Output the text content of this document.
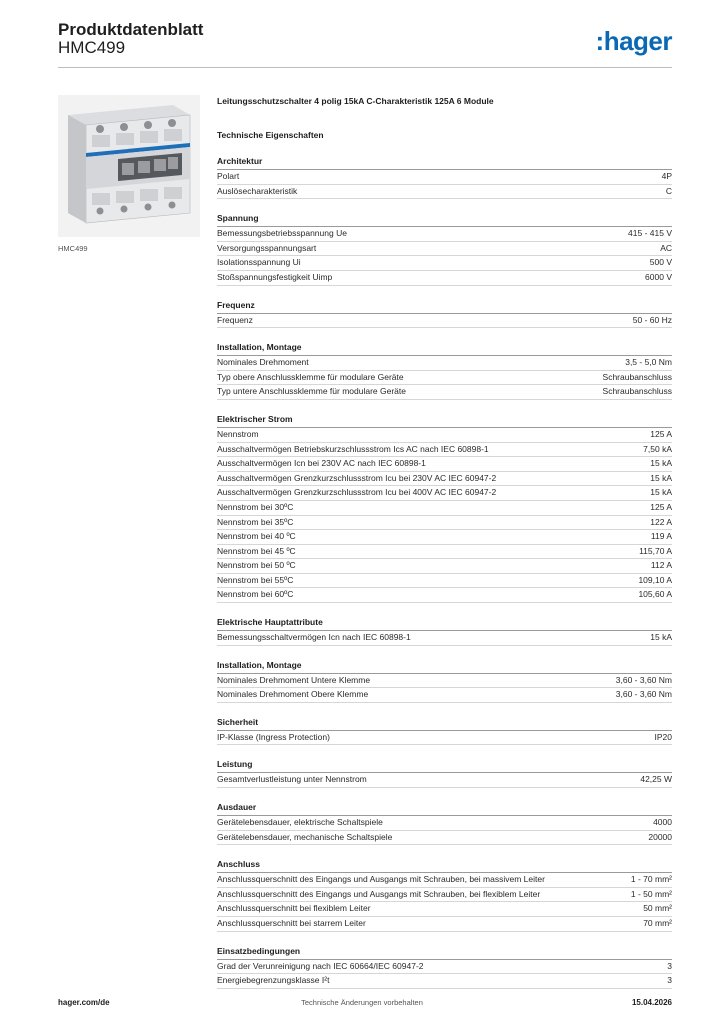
Produktdatenblatt
HMC499	:hager
HMC499
Leitungsschutzschalter 4 polig 15kA C-Charakteristik 125A 6 Module
Technische Eigenschaften
Architektur
Polart	4P
Auslösecharakteristik	C
Spannung
Bemessungsbetriebsspannung Ue	415 - 415 V
Versorgungsspannungsart	AC
Isolationsspannung Ui	500 V
Stoßspannungsfestigkeit Uimp	6000 V
Frequenz
Frequenz	50 - 60 Hz
Installation, Montage
Nominales Drehmoment	3,5 - 5,0 Nm
Typ obere Anschlussklemme für modulare Geräte	Schraubanschluss
Typ untere Anschlussklemme für modulare Geräte	Schraubanschluss
Elektrischer Strom
Nennstrom	125 A
Ausschaltvermögen Betriebskurzschlussstrom Ics AC nach IEC 60898-1	7,50 kA
Ausschaltvermögen Icn bei 230V AC nach IEC 60898-1	15 kA
Ausschaltvermögen Grenzkurzschlussstrom Icu bei 230V AC IEC 60947-2	15 kA
Ausschaltvermögen Grenzkurzschlussstrom Icu bei 400V AC IEC 60947-2	15 kA
Nennstrom bei 30ºC	125 A
Nennstrom bei 35ºC	122 A
Nennstrom bei 40 ºC	119 A
Nennstrom bei 45 ºC	115,70 A
Nennstrom bei 50 ºC	112 A
Nennstrom bei 55ºC	109,10 A
Nennstrom bei 60ºC	105,60 A
Elektrische Hauptattribute
Bemessungsschaltvermögen Icn nach IEC 60898-1	15 kA
Installation, Montage
Nominales Drehmoment Untere Klemme	3,60 - 3,60 Nm
Nominales Drehmoment Obere Klemme	3,60 - 3,60 Nm
Sicherheit
IP-Klasse (Ingress Protection)	IP20
Leistung
Gesamtverlustleistung unter Nennstrom	42,25 W
Ausdauer
Gerätelebensdauer, elektrische Schaltspiele	4000
Gerätelebensdauer, mechanische Schaltspiele	20000
Anschluss
Anschlussquerschnitt des Eingangs und Ausgangs mit Schrauben, bei massivem Leiter	1 - 70 mm²
Anschlussquerschnitt des Eingangs und Ausgangs mit Schrauben, bei flexiblem Leiter	1 - 50 mm²
Anschlussquerschnitt bei flexiblem Leiter	50 mm²
Anschlussquerschnitt bei starrem Leiter	70 mm²
Einsatzbedingungen
Grad der Verunreinigung nach IEC 60664/IEC 60947-2	3
Energiebegrenzungsklasse I²t	3
hager.com/de	Technische Änderungen vorbehalten	15.04.2026
